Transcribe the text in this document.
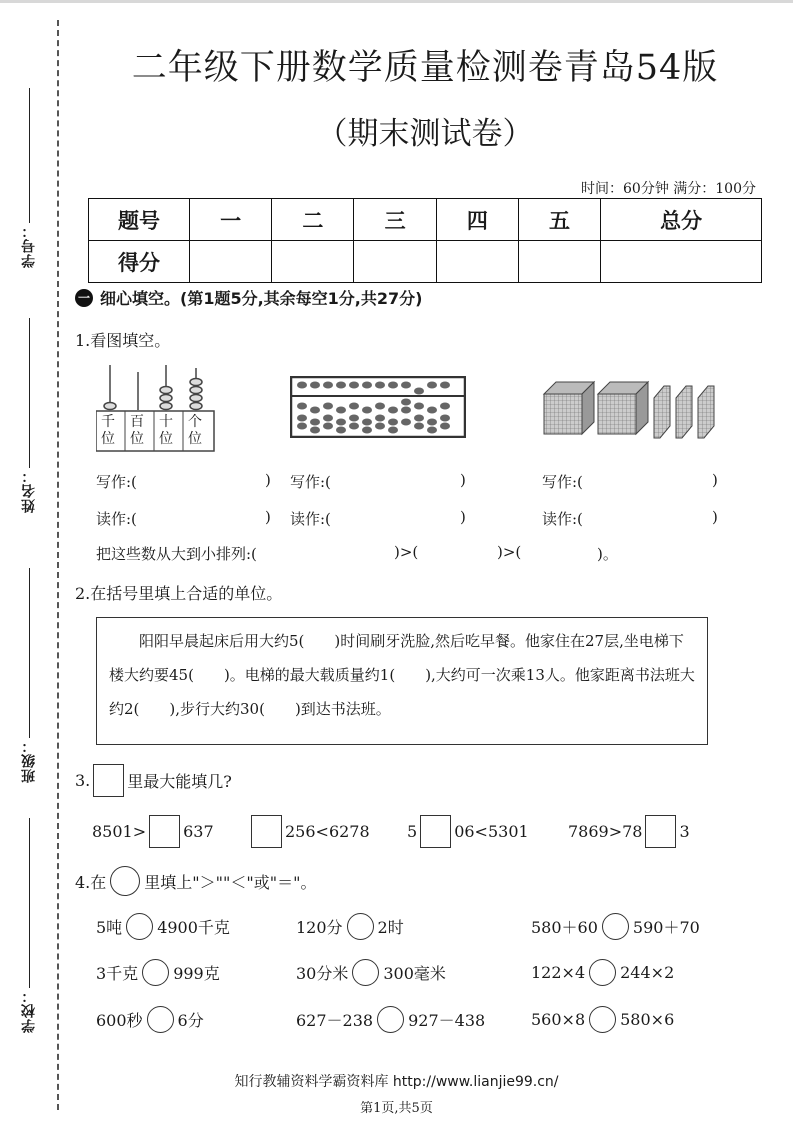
学号：
姓名：
班级：
学校：
二年级下册数学质量检测卷青岛54版
（期末测试卷）
时间：60分钟 满分：100分
题号	一	二	三	四	五	总分
得分						
一 细心填空。(第1题5分,其余每空1分,共27分)
1.看图填空。
千位
百位
十位
个位
写作:(	) 写作:(	)	写作:(	)
读作:(	) 读作:(	)	读作:(	)
把这些数从大到小排列:(	)>(	)>(	)。
2.在括号里填上合适的单位。
阳阳早晨起床后用大约5(　　)时间刷牙洗脸,然后吃早餐。他家住在27层,坐电梯下楼大约要45(　　)。电梯的最大载质量约1(　　),大约可一次乘13人。他家距离书法班大约2(　　),步行大约30(　　)到达书法班。
3. 里最大能填几?
8501> 637	256<6278 5 06<5301 7869>78 3
4.在 里填上"＞""＜"或"＝"。
5吨 4900千克	120分 2时	580＋60 590＋70
3千克 999克	30分米 300毫米	122×4 244×2
600秒 6分	627－238 927－438	560×8 580×6
知行教辅资料学霸资料库 http://www.lianjie99.cn/
第1页,共5页
